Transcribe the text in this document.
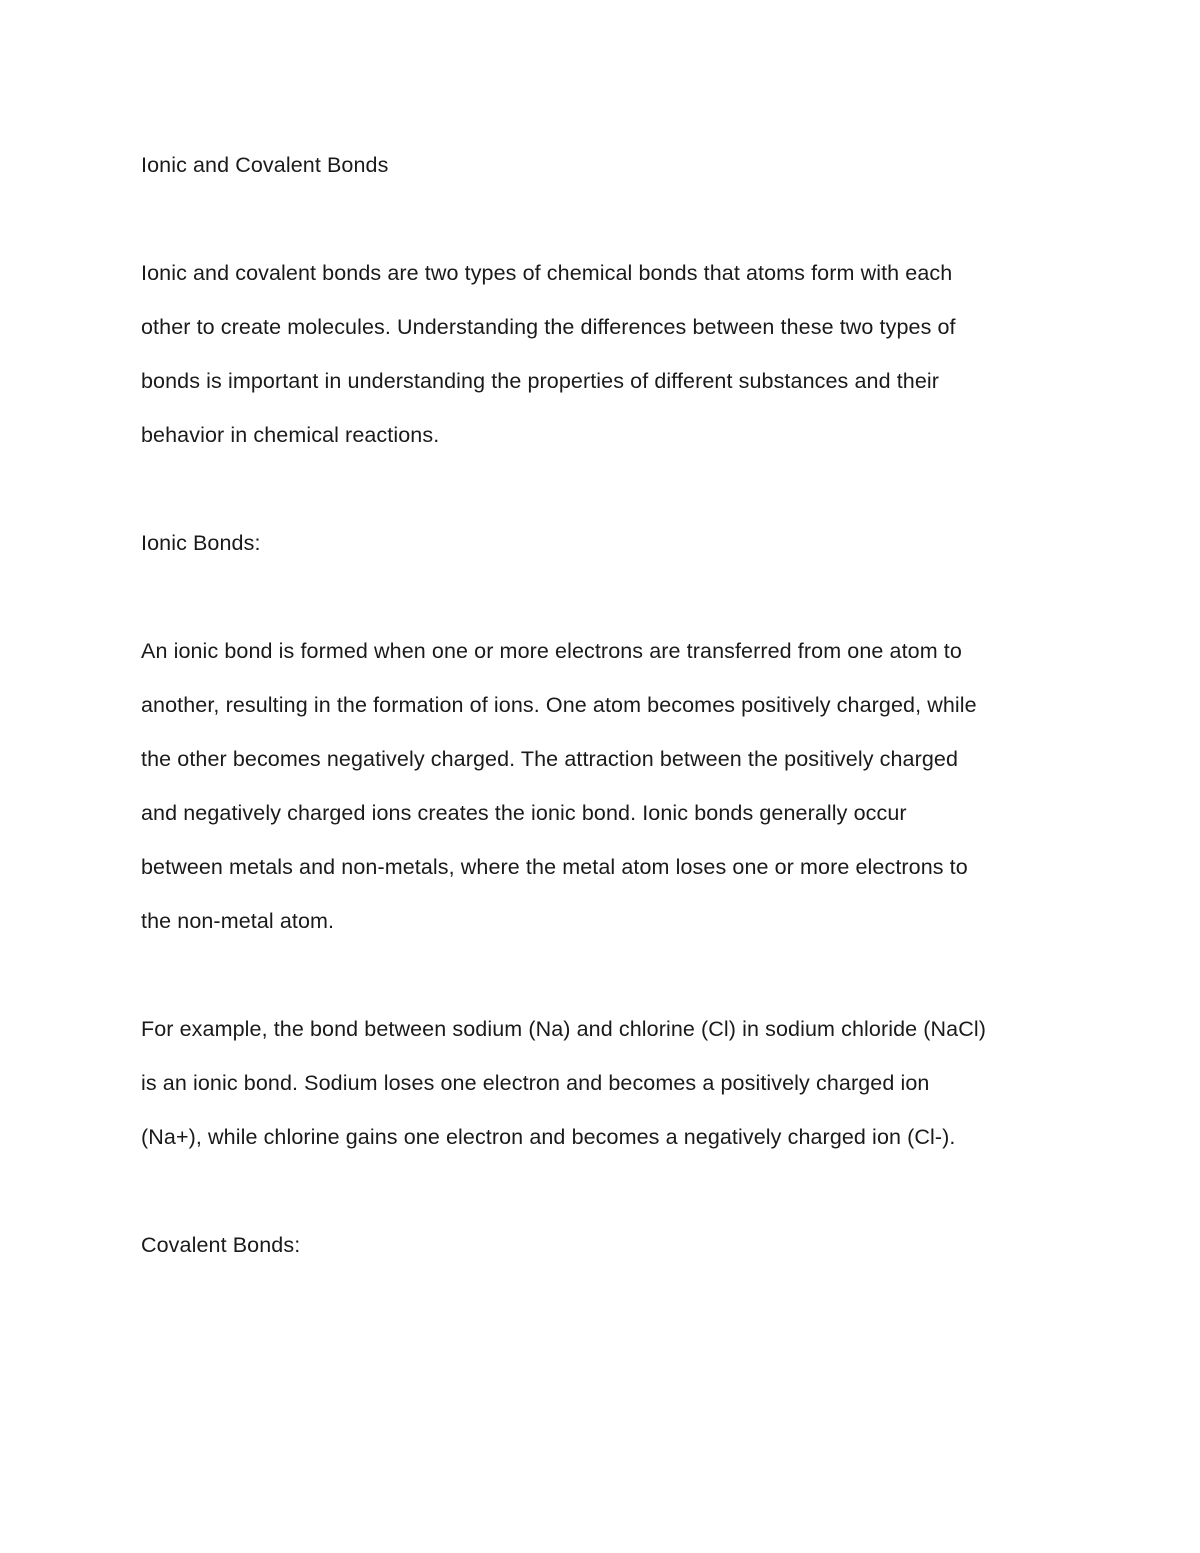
Ionic and Covalent Bonds
Ionic and covalent bonds are two types of chemical bonds that atoms form with each
other to create molecules. Understanding the differences between these two types of
bonds is important in understanding the properties of different substances and their
behavior in chemical reactions.
Ionic Bonds:
An ionic bond is formed when one or more electrons are transferred from one atom to
another, resulting in the formation of ions. One atom becomes positively charged, while
the other becomes negatively charged. The attraction between the positively charged
and negatively charged ions creates the ionic bond. Ionic bonds generally occur
between metals and non-metals, where the metal atom loses one or more electrons to
the non-metal atom.
For example, the bond between sodium (Na) and chlorine (Cl) in sodium chloride (NaCl)
is an ionic bond. Sodium loses one electron and becomes a positively charged ion
(Na+), while chlorine gains one electron and becomes a negatively charged ion (Cl-).
Covalent Bonds:
